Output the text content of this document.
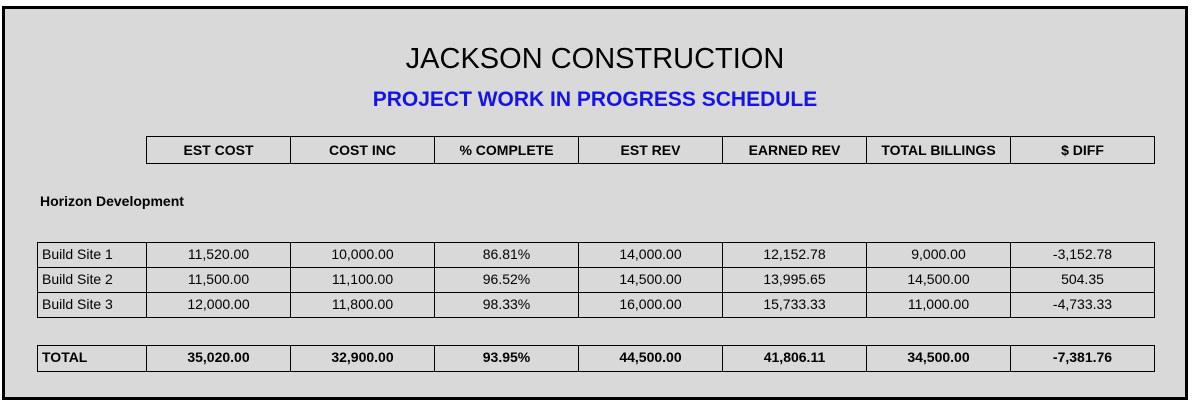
JACKSON CONSTRUCTION
PROJECT WORK IN PROGRESS SCHEDULE
EST COST	COST INC	% COMPLETE	EST REV	EARNED REV	TOTAL BILLINGS	$ DIFF
Horizon Development
Build Site 1	11,520.00	10,000.00	86.81%	14,000.00	12,152.78	9,000.00	-3,152.78
Build Site 2	11,500.00	11,100.00	96.52%	14,500.00	13,995.65	14,500.00	504.35
Build Site 3	12,000.00	11,800.00	98.33%	16,000.00	15,733.33	11,000.00	-4,733.33
TOTAL	35,020.00	32,900.00	93.95%	44,500.00	41,806.11	34,500.00	-7,381.76
